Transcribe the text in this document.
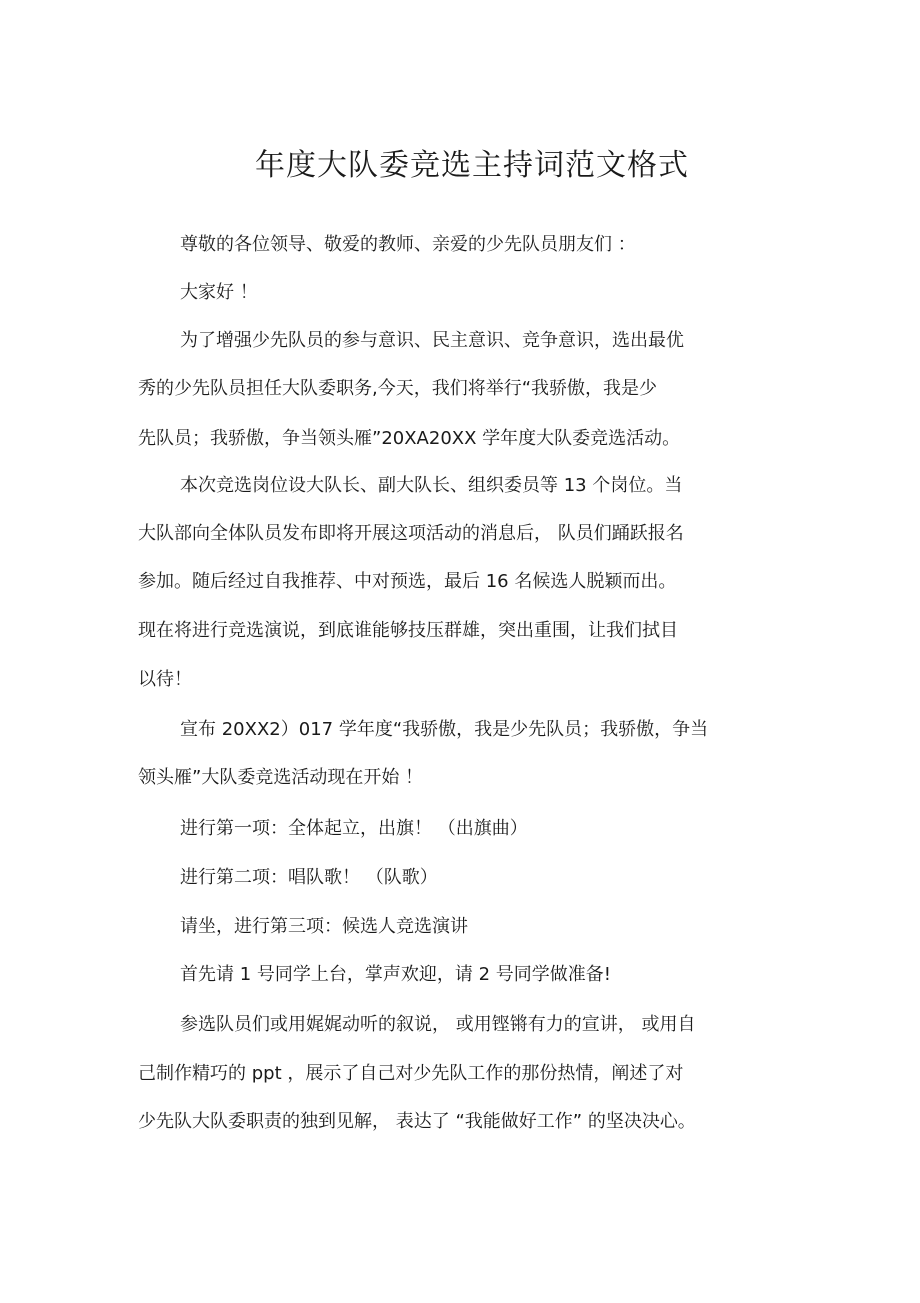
年度大队委竞选主持词范文格式
尊敬的各位领导、敬爱的教师、亲爱的少先队员朋友们 ：
大家好 ！
为了增强少先队员的参与意识、民主意识、竞争意识，选出最优
秀的少先队员担任大队委职务,今天，我们将举行“我骄傲，我是少
先队员；我骄傲，争当领头雁”20XA20XX 学年度大队委竞选活动。
本次竞选岗位设大队长、副大队长、组织委员等 13 个岗位。当
大队部向全体队员发布即将开展这项活动的消息后， 队员们踊跃报名
参加。随后经过自我推荐、中对预选，最后 16 名候选人脱颖而出。
现在将进行竞选演说，到底谁能够技压群雄，突出重围，让我们拭目
以待！
宣布 20XX2）017 学年度“我骄傲，我是少先队员；我骄傲，争当
领头雁”大队委竞选活动现在开始 ！
进行第一项：全体起立，出旗！ （出旗曲）
进行第二项：唱队歌！ （队歌）
请坐，进行第三项：候选人竞选演讲
首先请 1 号同学上台，掌声欢迎，请 2 号同学做准备!
参选队员们或用娓娓动听的叙说， 或用铿锵有力的宣讲， 或用自
己制作精巧的 ppt ，展示了自己对少先队工作的那份热情，阐述了对
少先队大队委职责的独到见解， 表达了 “我能做好工作” 的坚决决心。
